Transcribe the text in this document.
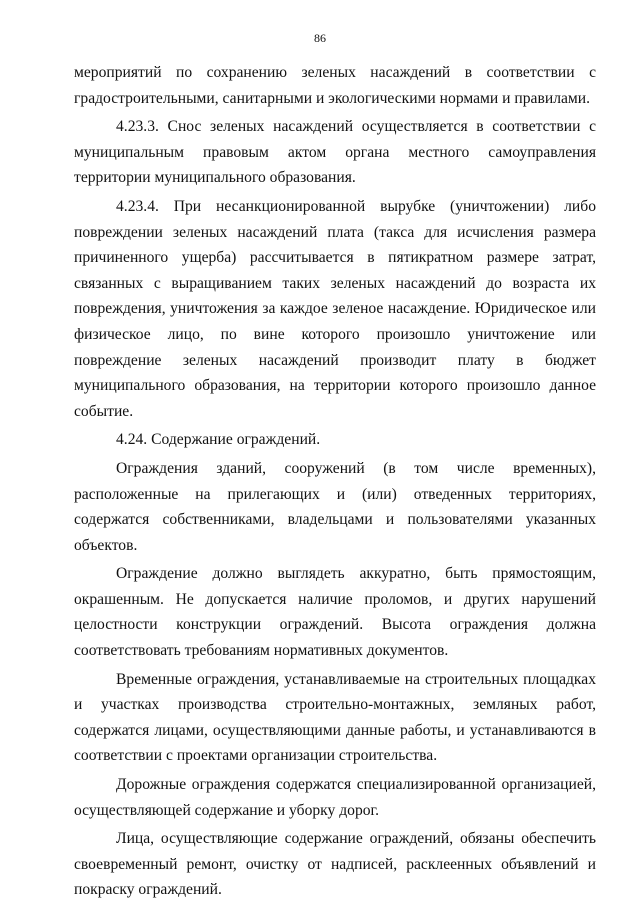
86

мероприятий по сохранению зеленых насаждений в соответствии с градостроительными, санитарными и экологическими нормами и правилами.

4.23.3. Снос зеленых насаждений осуществляется в соответствии с муниципальным правовым актом органа местного самоуправления территории муниципального образования.

4.23.4. При несанкционированной вырубке (уничтожении) либо повреждении зеленых насаждений плата (такса для исчисления размера причиненного ущерба) рассчитывается в пятикратном размере затрат, связанных с выращиванием таких зеленых насаждений до возраста их повреждения, уничтожения за каждое зеленое насаждение. Юридическое или физическое лицо, по вине которого произошло уничтожение или повреждение зеленых насаждений производит плату в бюджет муниципального образования, на территории которого произошло данное событие.

4.24. Содержание ограждений.

Ограждения зданий, сооружений (в том числе временных), расположенные на прилегающих и (или) отведенных территориях, содержатся собственниками, владельцами и пользователями указанных объектов.

Ограждение должно выглядеть аккуратно, быть прямостоящим, окрашенным. Не допускается наличие проломов, и других нарушений целостности конструкции ограждений. Высота ограждения должна соответствовать требованиям нормативных документов.

Временные ограждения, устанавливаемые на строительных площадках и участках производства строительно-монтажных, земляных работ, содержатся лицами, осуществляющими данные работы, и устанавливаются в соответствии с проектами организации строительства.

Дорожные ограждения содержатся специализированной организацией, осуществляющей содержание и уборку дорог.

Лица, осуществляющие содержание ограждений, обязаны обеспечить своевременный ремонт, очистку от надписей, расклеенных объявлений и покраску ограждений.
